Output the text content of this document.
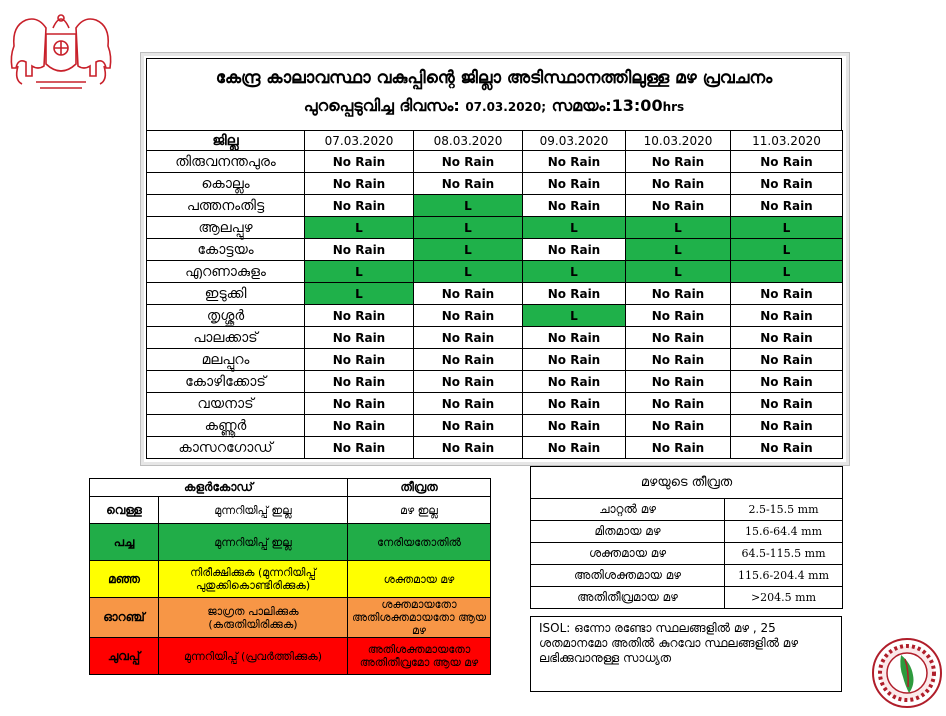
കേന്ദ്ര കാലാവസ്ഥാ വകുപ്പിന്റെ ജില്ലാ അടിസ്ഥാനത്തിലുള്ള മഴ പ്രവചനം
പുറപ്പെടുവിച്ച ദിവസം: 07.03.2020; സമയം:13:00hrs
ജില്ല	07.03.2020	08.03.2020	09.03.2020	10.03.2020	11.03.2020
തിരുവനന്തപുരം	No Rain	No Rain	No Rain	No Rain	No Rain
കൊല്ലം	No Rain	No Rain	No Rain	No Rain	No Rain
പത്തനംതിട്ട	No Rain	L	No Rain	No Rain	No Rain
ആലപ്പുഴ	L	L	L	L	L
കോട്ടയം	No Rain	L	No Rain	L	L
എറണാകുളം	L	L	L	L	L
ഇടുക്കി	L	No Rain	No Rain	No Rain	No Rain
തൃശ്ശൂർ	No Rain	No Rain	L	No Rain	No Rain
പാലക്കാട്	No Rain	No Rain	No Rain	No Rain	No Rain
മലപ്പുറം	No Rain	No Rain	No Rain	No Rain	No Rain
കോഴിക്കോട്	No Rain	No Rain	No Rain	No Rain	No Rain
വയനാട്	No Rain	No Rain	No Rain	No Rain	No Rain
കണ്ണൂർ	No Rain	No Rain	No Rain	No Rain	No Rain
കാസറഗോഡ്	No Rain	No Rain	No Rain	No Rain	No Rain
കളർകോഡ്		തീവ്രത
വെള്ള	മുന്നറിയിപ്പ് ഇല്ല	മഴ ഇല്ല
പച്ച	മുന്നറിയിപ്പ് ഇല്ല	നേരിയതോതിൽ
മഞ്ഞ	നിരീക്ഷിക്കുക (മുന്നറിയിപ്പ് പുതുക്കികൊണ്ടിരിക്കുക)	ശക്തമായ മഴ
ഓറഞ്ച്	ജാഗ്രത പാലിക്കുക (കരുതിയിരിക്കുക)	ശക്തമായതോ അതിശക്തമായതോ ആയ മഴ
ചുവപ്പ്	മുന്നറിയിപ്പ് (പ്രവർത്തിക്കുക)	അതിശക്തമായതോ അതിതീവ്രമോ ആയ മഴ
മഴയുടെ തീവ്രത	
ചാറ്റൽ മഴ	2.5-15.5 mm
മിതമായ മഴ	15.6-64.4 mm
ശക്തമായ മഴ	64.5-115.5 mm
അതിശക്തമായ മഴ	115.6-204.4 mm
അതിതീവ്രമായ മഴ	>204.5 mm
ISOL: ഒന്നോ രണ്ടോ സ്ഥലങ്ങളിൽ മഴ , 25 ശതമാനമോ അതിൽ കുറവോ സ്ഥലങ്ങളിൽ മഴ ലഭിക്കുവാനുള്ള സാധ്യത
